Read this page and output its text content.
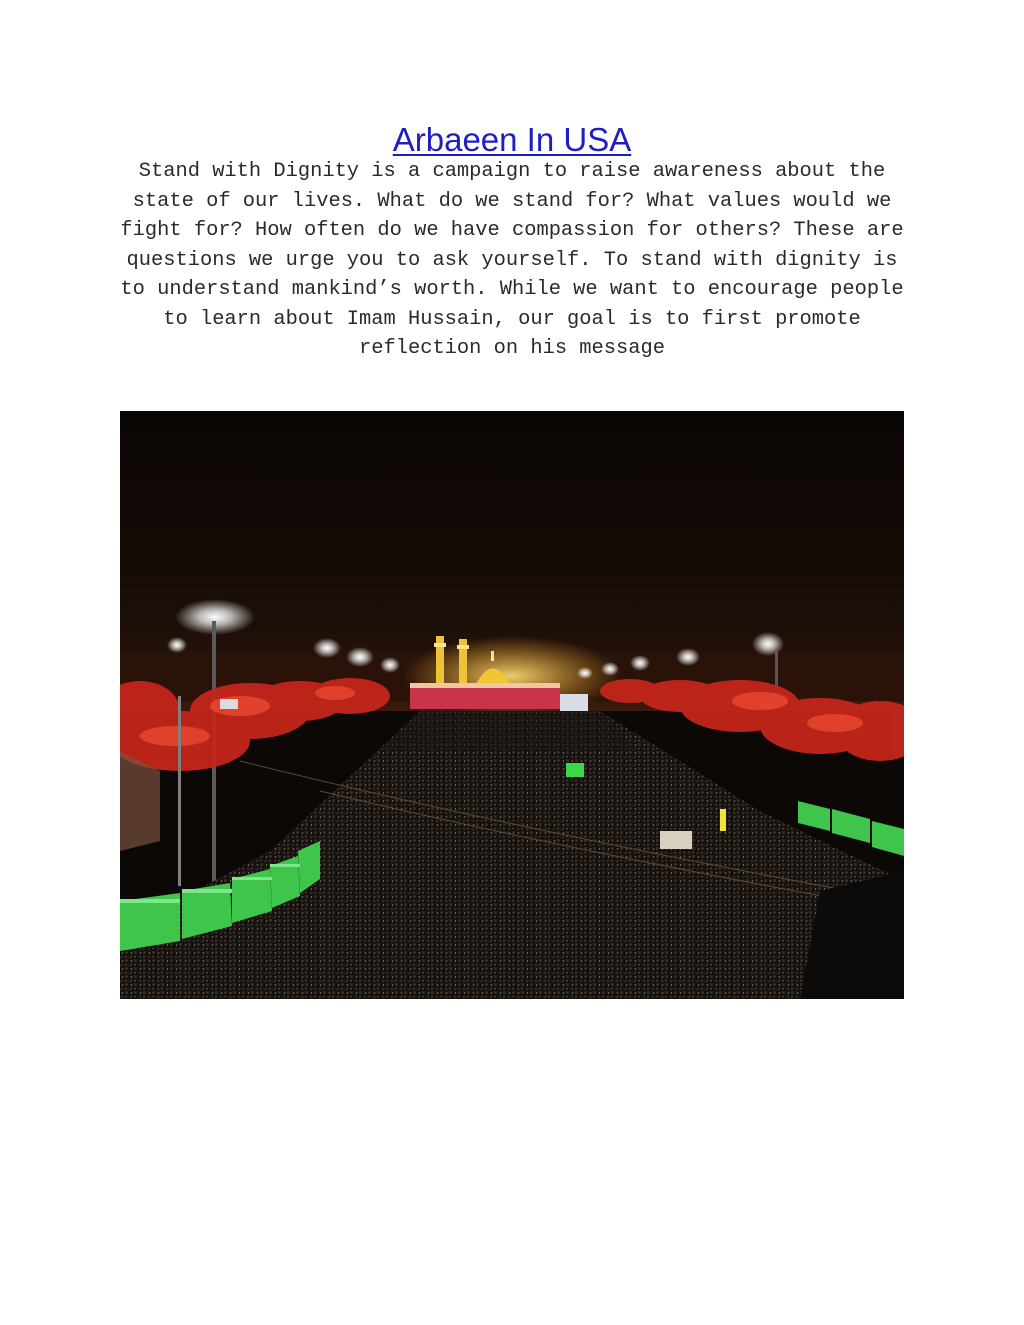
Arbaeen In USA

Stand with Dignity is a campaign to raise awareness about the state of our lives. What do we stand for? What values would we fight for? How often do we have compassion for others? These are questions we urge you to ask yourself. To stand with dignity is to understand mankind’s worth. While we want to encourage people to learn about Imam Hussain, our goal is to first promote reflection on his message
